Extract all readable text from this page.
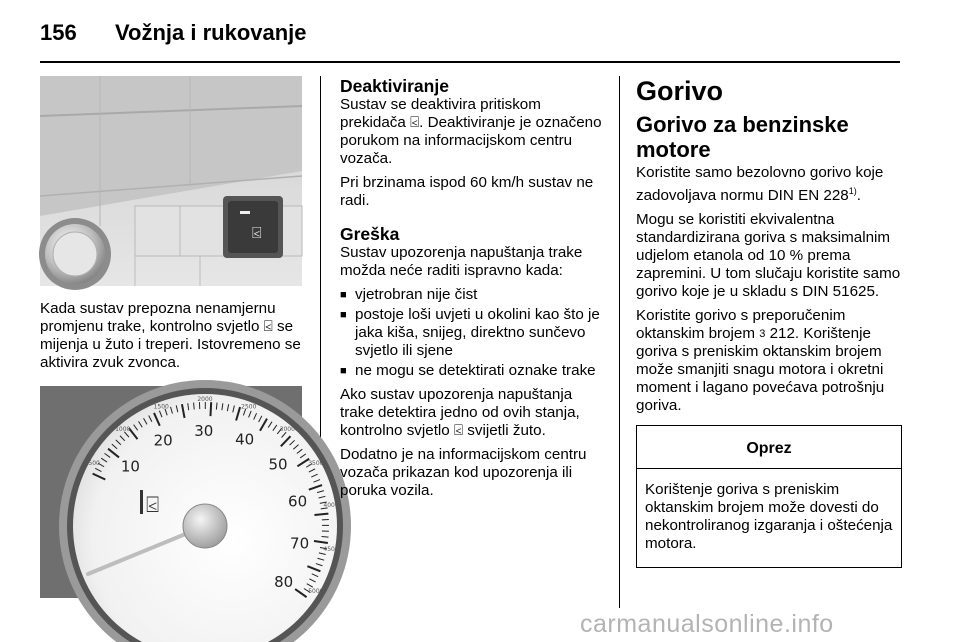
156 Vožnja i rukovanje
⍃

Kada sustav prepozna nenamjernu promjenu trake, kontrolno svjetlo ⍃ se mijenja u žuto i treperi. Istovremeno se aktivira zvuk zvonca.

10
20
30 40
50
60
70
80
500
1000
1500
2000
2500
3000
3500
4000
4500
5000
⍃
Deaktiviranje

Sustav se deaktivira pritiskom prekidača ⍃. Deaktiviranje je označeno porukom na informacijskom centru vozača.

Pri brzinama ispod 60 km/h sustav ne radi.

Greška

Sustav upozorenja napuštanja trake možda neće raditi ispravno kada:

■ vjetrobran nije čist
■ postoje loši uvjeti u okolini kao što je jaka kiša, snijeg, direktno sunčevo svjetlo ili sjene
■ ne mogu se detektirati oznake trake

Ako sustav upozorenja napuštanja trake detektira jedno od ovih stanja, kontrolno svjetlo ⍃ svijetli žuto.

Dodatno je na informacijskom centru vozača prikazan kod upozorenja ili poruka vozila.

Gorivo
Gorivo za benzinske motore

Koristite samo bezolovno gorivo koje zadovoljava normu DIN EN 228$^{1)}$.

Mogu se koristiti ekvivalentna standardizirana goriva s maksimalnim udjelom etanola od 10 % prema zapremini. U tom slučaju koristite samo gorivo koje je u skladu s DIN 51625.

Koristite gorivo s preporučenim oktanskim brojem 3 212. Korištenje goriva s preniskim oktanskim brojem može smanjiti snagu motora i okretni moment i lagano povećava potrošnju goriva.

Oprez
Korištenje goriva s preniskim oktanskim brojem može dovesti do nekontroliranog izgaranja i oštećenja motora.
carmanualsonline.info
